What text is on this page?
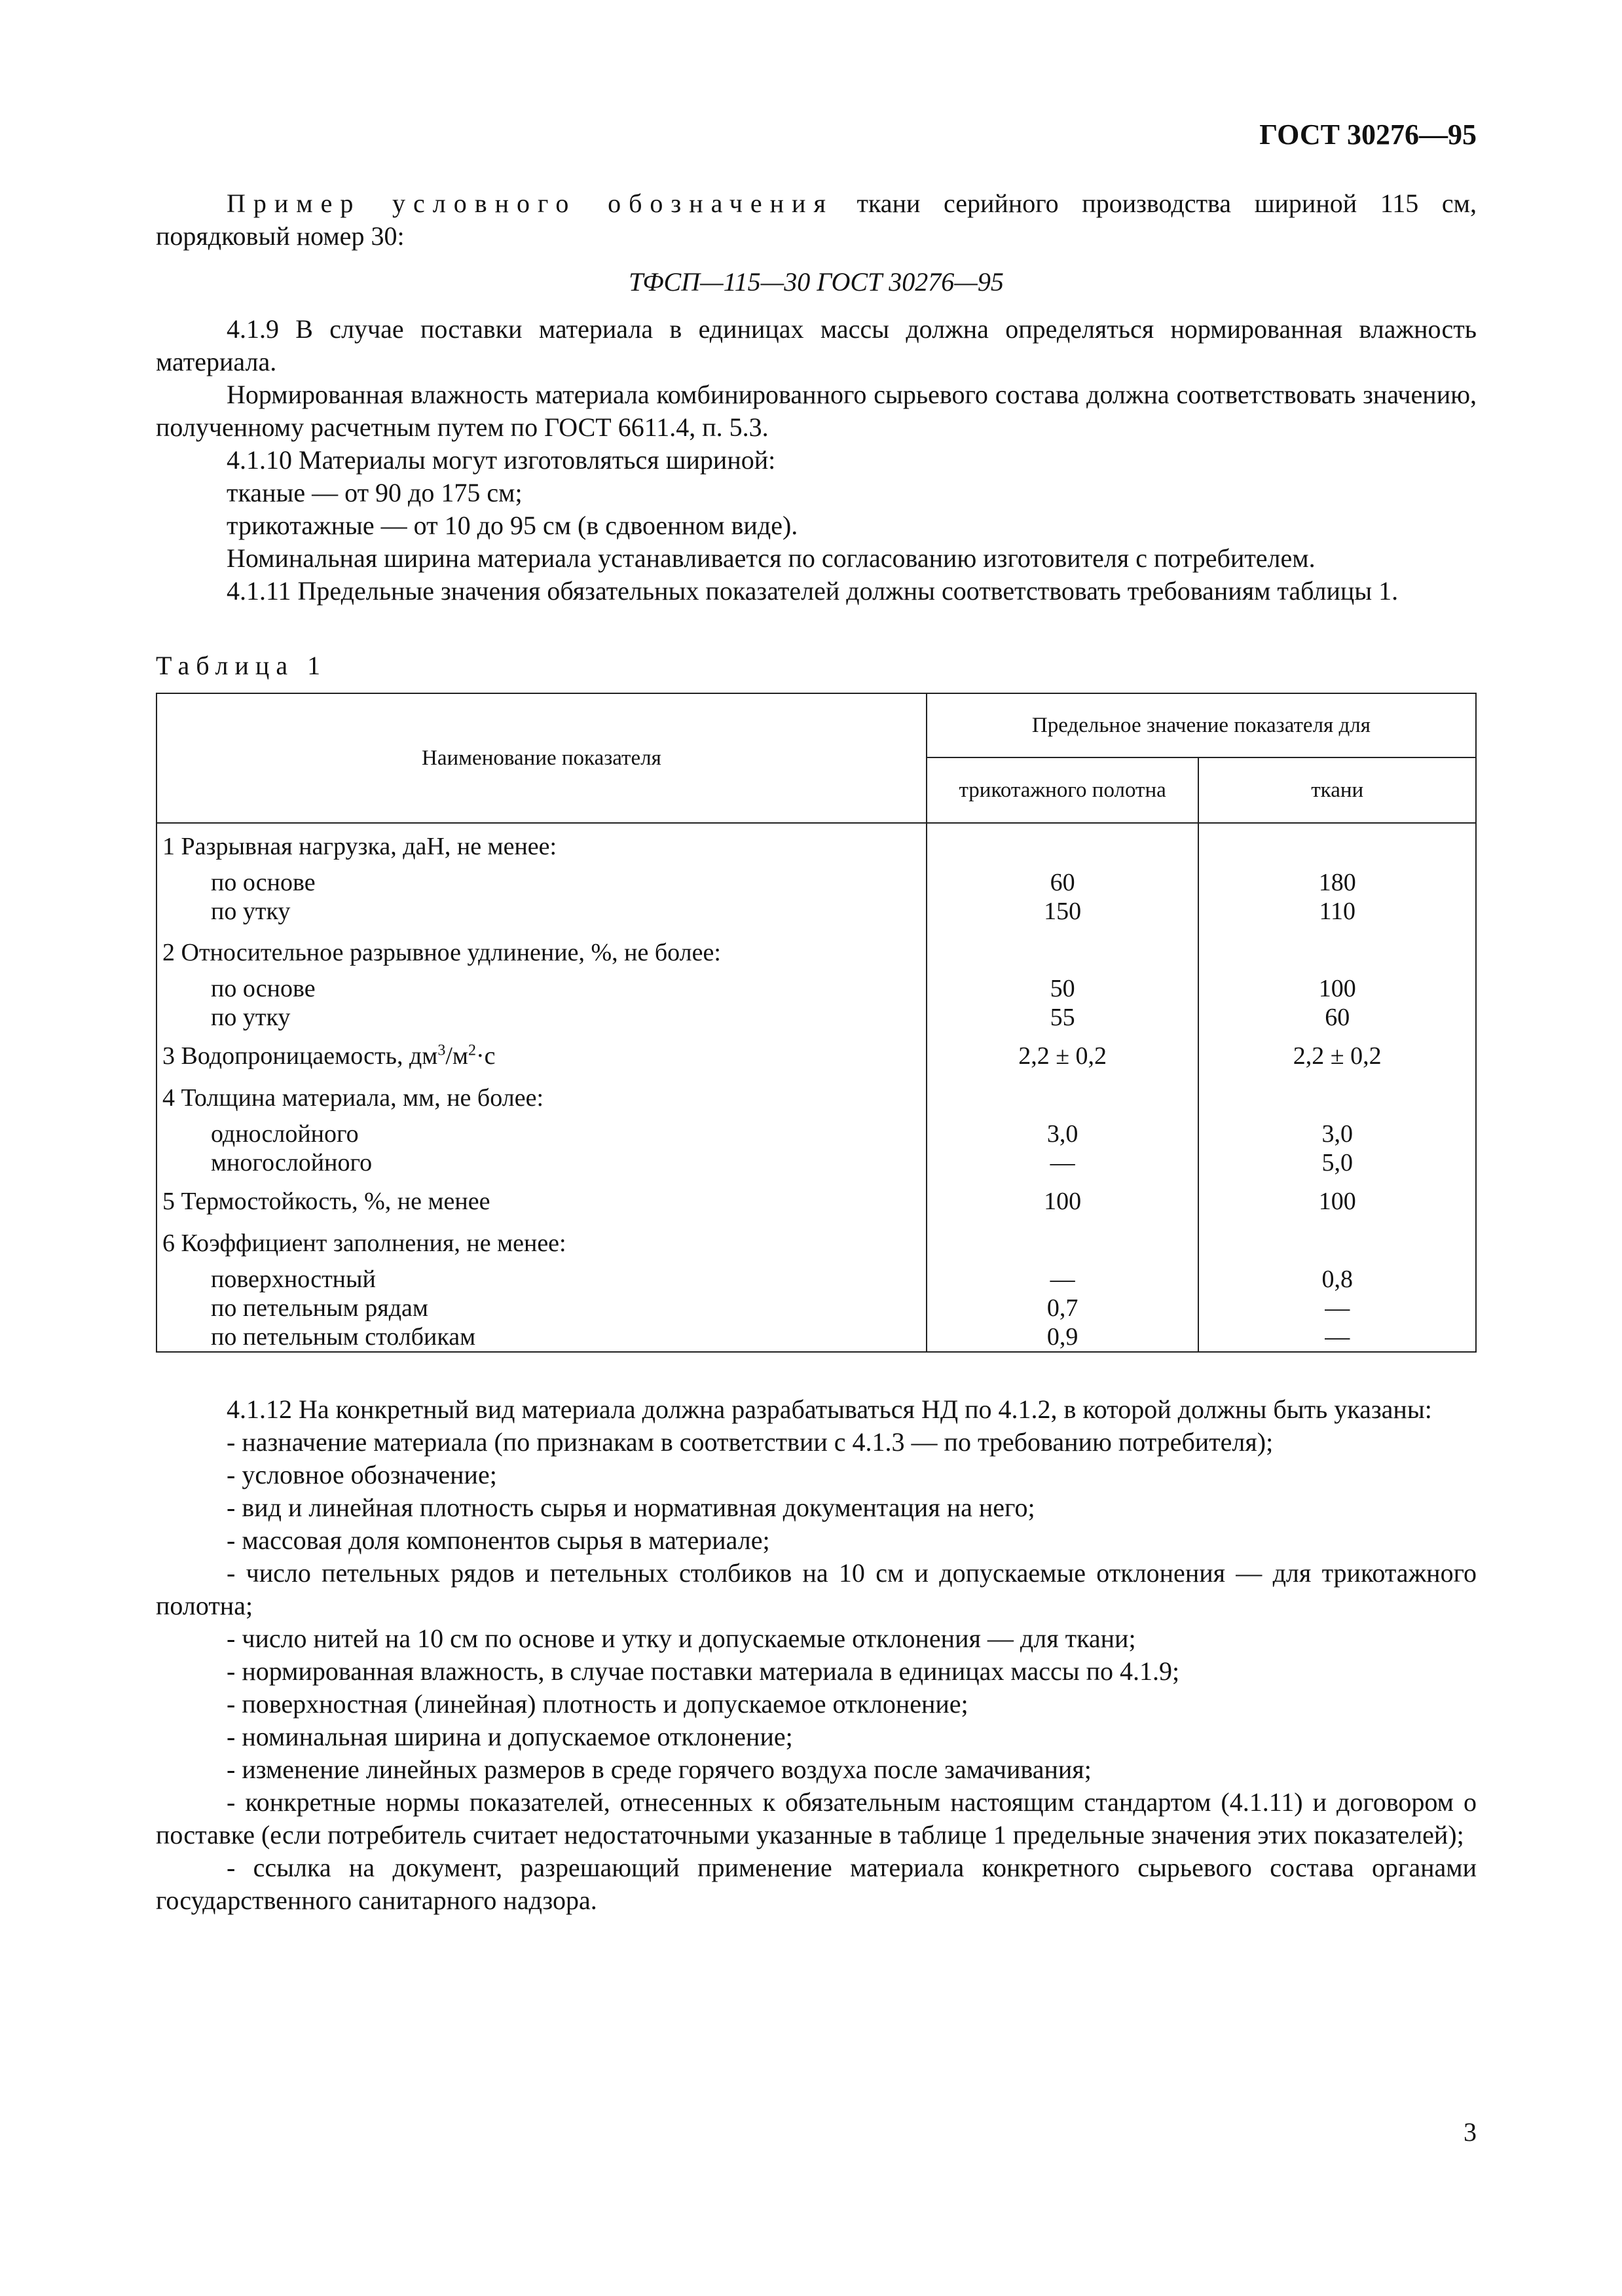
ГОСТ 30276—95

Пример условного обозначения ткани серийного производства шириной 115 см, порядковый номер 30:

ТФСП—115—30 ГОСТ 30276—95

4.1.9 В случае поставки материала в единицах массы должна определяться нормированная влажность материала.

Нормированная влажность материала комбинированного сырьевого состава должна соответствовать значению, полученному расчетным путем по ГОСТ 6611.4, п. 5.3.

4.1.10 Материалы могут изготовляться шириной:

тканые — от 90 до 175 см;

трикотажные — от 10 до 95 см (в сдвоенном виде).

Номинальная ширина материала устанавливается по согласованию изготовителя с потребителем.

4.1.11 Предельные значения обязательных показателей должны соответствовать требованиям таблицы 1.

Таблица 1

Наименование показателя	Предельное значение показателя для	
	трикотажного полотна	ткани
1 Разрывная нагрузка, даН, не менее:		
по основе	60	180
по утку	150	110
2 Относительное разрывное удлинение, %, не более:		
по основе	50	100
по утку	55	60
3 Водопроницаемость, $дм^3/м^2\cdot с$	2,2 ± 0,2	2,2 ± 0,2
4 Толщина материала, мм, не более:		
однослойного	3,0	3,0
многослойного	—	5,0
5 Термостойкость, %, не менее	100	100
6 Коэффициент заполнения, не менее:		
поверхностный	—	0,8
по петельным рядам	0,7	—
по петельным столбикам	0,9	—

4.1.12 На конкретный вид материала должна разрабатываться НД по 4.1.2, в которой должны быть указаны:

- назначение материала (по признакам в соответствии с 4.1.3 — по требованию потребителя);

- условное обозначение;

- вид и линейная плотность сырья и нормативная документация на него;

- массовая доля компонентов сырья в материале;

- число петельных рядов и петельных столбиков на 10 см и допускаемые отклонения — для трикотажного полотна;

- число нитей на 10 см по основе и утку и допускаемые отклонения — для ткани;

- нормированная влажность, в случае поставки материала в единицах массы по 4.1.9;

- поверхностная (линейная) плотность и допускаемое отклонение;

- номинальная ширина и допускаемое отклонение;

- изменение линейных размеров в среде горячего воздуха после замачивания;

- конкретные нормы показателей, отнесенных к обязательным настоящим стандартом (4.1.11) и договором о поставке (если потребитель считает недостаточными указанные в таблице 1 предельные значения этих показателей);

- ссылка на документ, разрешающий применение материала конкретного сырьевого состава органами государственного санитарного надзора.

3
